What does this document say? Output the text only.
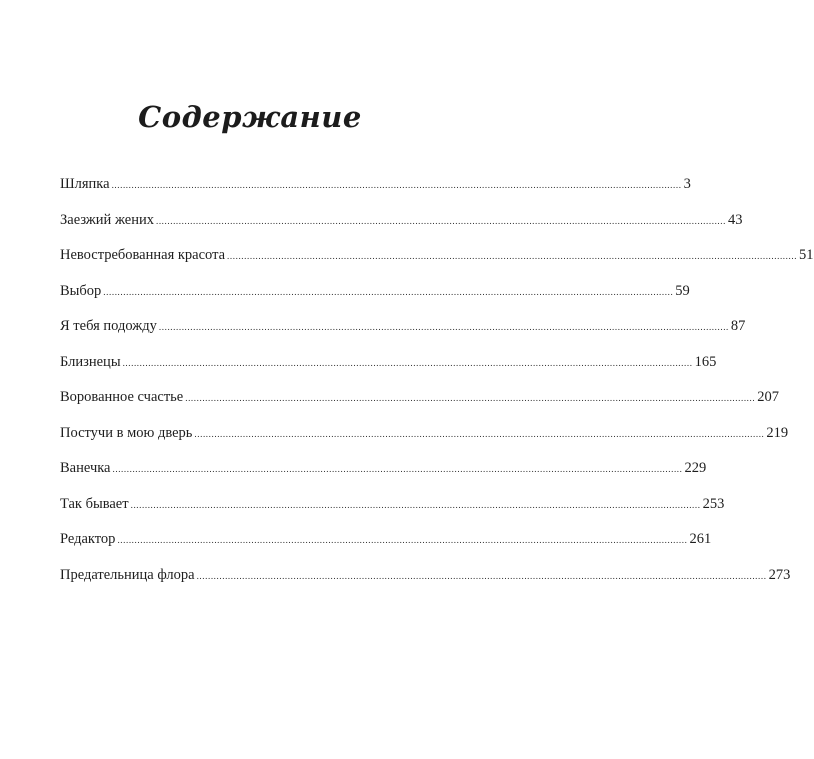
Содержание
Шляпка ........................................................................................................................................................................................................ 3
Заезжий жених ........................................................................................................................................................................................................ 43
Невостребованная красота ........................................................................................................................................................................................................ 51
Выбор ........................................................................................................................................................................................................ 59
Я тебя подожду ........................................................................................................................................................................................................ 87
Близнецы ........................................................................................................................................................................................................ 165
Ворованное счастье ........................................................................................................................................................................................................ 207
Постучи в мою дверь ........................................................................................................................................................................................................ 219
Ванечка ........................................................................................................................................................................................................ 229
Так бывает ........................................................................................................................................................................................................ 253
Редактор ........................................................................................................................................................................................................ 261
Предательница флора ........................................................................................................................................................................................................ 273
